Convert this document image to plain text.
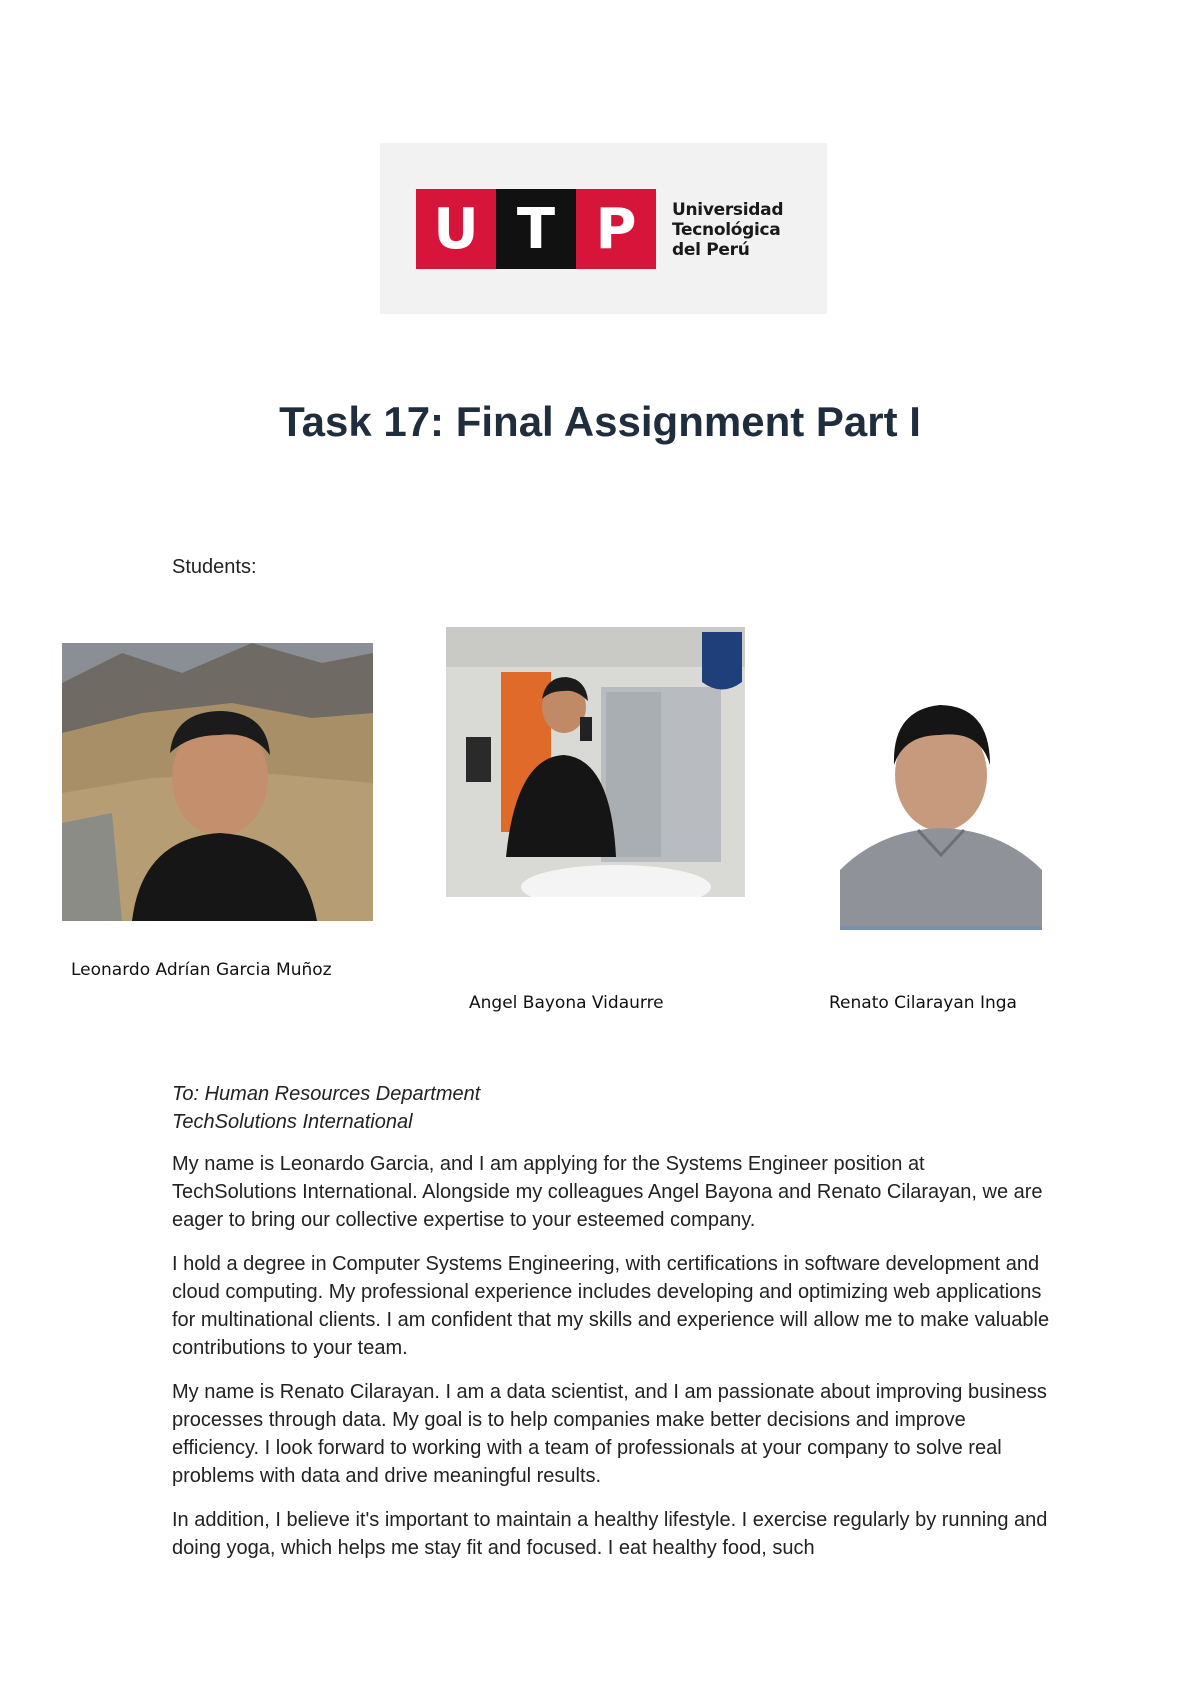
U T P	Universidad
Tecnológica
del Perú
Task 17: Final Assignment Part I
Students:
Leonardo Adrían Garcia Muñoz
Angel Bayona Vidaurre	Renato Cilarayan Inga
To: Human Resources Department
TechSolutions International

My name is Leonardo Garcia, and I am applying for the Systems Engineer position at TechSolutions International. Alongside my colleagues Angel Bayona and Renato Cilarayan, we are eager to bring our collective expertise to your esteemed company.

I hold a degree in Computer Systems Engineering, with certifications in software development and cloud computing. My professional experience includes developing and optimizing web applications for multinational clients. I am confident that my skills and experience will allow me to make valuable contributions to your team.

My name is Renato Cilarayan. I am a data scientist, and I am passionate about improving business processes through data. My goal is to help companies make better decisions and improve efficiency. I look forward to working with a team of professionals at your company to solve real problems with data and drive meaningful results.

In addition, I believe it's important to maintain a healthy lifestyle. I exercise regularly by running and doing yoga, which helps me stay fit and focused. I eat healthy food, such
